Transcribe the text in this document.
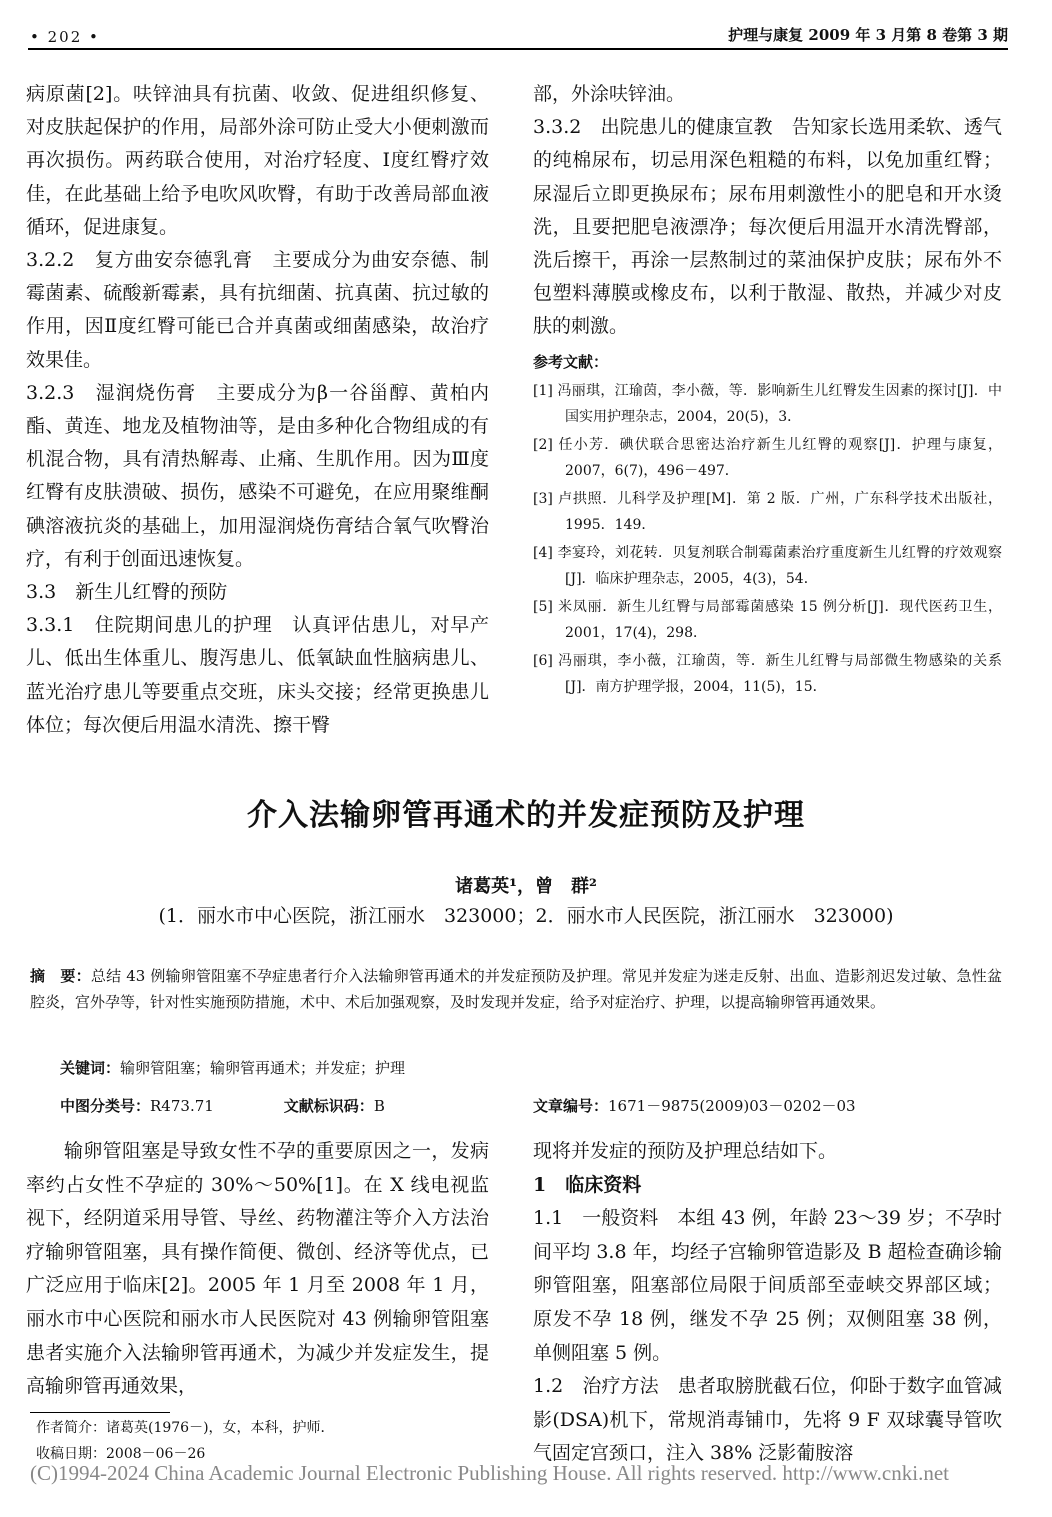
• 202 •	护理与康复 2009 年 3 月第 8 卷第 3 期

病原菌[2]。呋锌油具有抗菌、收敛、促进组织修复、对皮肤起保护的作用，局部外涂可防止受大小便刺激而再次损伤。两药联合使用，对治疗轻度、Ⅰ度红臀疗效佳，在此基础上给予电吹风吹臀，有助于改善局部血液循环，促进康复。

3.2.2　复方曲安奈德乳膏　主要成分为曲安奈德、制霉菌素、硫酸新霉素，具有抗细菌、抗真菌、抗过敏的作用，因Ⅱ度红臀可能已合并真菌或细菌感染，故治疗效果佳。

3.2.3　湿润烧伤膏　主要成分为β一谷甾醇、黄柏内酯、黄连、地龙及植物油等，是由多种化合物组成的有机混合物，具有清热解毒、止痛、生肌作用。因为Ⅲ度红臀有皮肤溃破、损伤，感染不可避免，在应用聚维酮碘溶液抗炎的基础上，加用湿润烧伤膏结合氧气吹臀治疗，有利于创面迅速恢复。

3.3　新生儿红臀的预防

3.3.1　住院期间患儿的护理　认真评估患儿，对早产儿、低出生体重儿、腹泻患儿、低氧缺血性脑病患儿、蓝光治疗患儿等要重点交班，床头交接；经常更换患儿体位；每次便后用温水清洗、擦干臀

部，外涂呋锌油。

3.3.2　出院患儿的健康宣教　告知家长选用柔软、透气的纯棉尿布，切忌用深色粗糙的布料，以免加重红臀；尿湿后立即更换尿布；尿布用刺激性小的肥皂和开水烫洗，且要把肥皂液漂净；每次便后用温开水清洗臀部，洗后擦干，再涂一层熬制过的菜油保护皮肤；尿布外不包塑料薄膜或橡皮布，以利于散湿、散热，并减少对皮肤的刺激。

参考文献：
[1] 冯丽琪，江瑜茵，李小薇，等．影响新生儿红臀发生因素的探讨[J]．中国实用护理杂志，2004，20(5)，3．
[2] 任小芳．碘伏联合思密达治疗新生儿红臀的观察[J]．护理与康复，2007，6(7)，496－497．
[3] 卢拱照．儿科学及护理[M]．第 2 版．广州，广东科学技术出版社，1995．149．
[4] 李宴玲，刘花转．贝复剂联合制霉菌素治疗重度新生儿红臀的疗效观察[J]．临床护理杂志，2005，4(3)，54．
[5] 米凤丽．新生儿红臀与局部霉菌感染 15 例分析[J]．现代医药卫生，2001，17(4)，298．
[6] 冯丽琪，李小薇，江瑜茵，等．新生儿红臀与局部微生物感染的关系[J]．南方护理学报，2004，11(5)，15．
介入法输卵管再通术的并发症预防及护理
诸葛英¹，曾　群²
(1．丽水市中心医院，浙江丽水　323000；2．丽水市人民医院，浙江丽水　323000)
摘　要：总结 43 例输卵管阻塞不孕症患者行介入法输卵管再通术的并发症预防及护理。常见并发症为迷走反射、出血、造影剂迟发过敏、急性盆腔炎，宫外孕等，针对性实施预防措施，术中、术后加强观察，及时发现并发症，给予对症治疗、护理，以提高输卵管再通效果。
关键词：输卵管阻塞；输卵管再通术；并发症；护理
中图分类号：R473.71	文献标识码：B	文章编号：1671－9875(2009)03－0202－03

输卵管阻塞是导致女性不孕的重要原因之一，发病率约占女性不孕症的 30%～50%[1]。在 X 线电视监视下，经阴道采用导管、导丝、药物灌注等介入方法治疗输卵管阻塞，具有操作简便、微创、经济等优点，已广泛应用于临床[2]。2005 年 1 月至 2008 年 1 月，丽水市中心医院和丽水市人民医院对 43 例输卵管阻塞患者实施介入法输卵管再通术，为减少并发症发生，提高输卵管再通效果，

现将并发症的预防及护理总结如下。

1　临床资料

1.1　一般资料　本组 43 例，年龄 23～39 岁；不孕时间平均 3.8 年，均经子宫输卵管造影及 B 超检查确诊输卵管阻塞，阻塞部位局限于间质部至壶峡交界部区域；原发不孕 18 例，继发不孕 25 例；双侧阻塞 38 例，单侧阻塞 5 例。

1.2　治疗方法　患者取膀胱截石位，仰卧于数字血管减影(DSA)机下，常规消毒铺巾，先将 9 F 双球囊导管吹气固定宫颈口，注入 38% 泛影葡胺溶

作者简介：诸葛英(1976－)，女，本科，护师．
收稿日期：2008－06－26
(C)1994-2024 China Academic Journal Electronic Publishing House. All rights reserved. http://www.cnki.net
